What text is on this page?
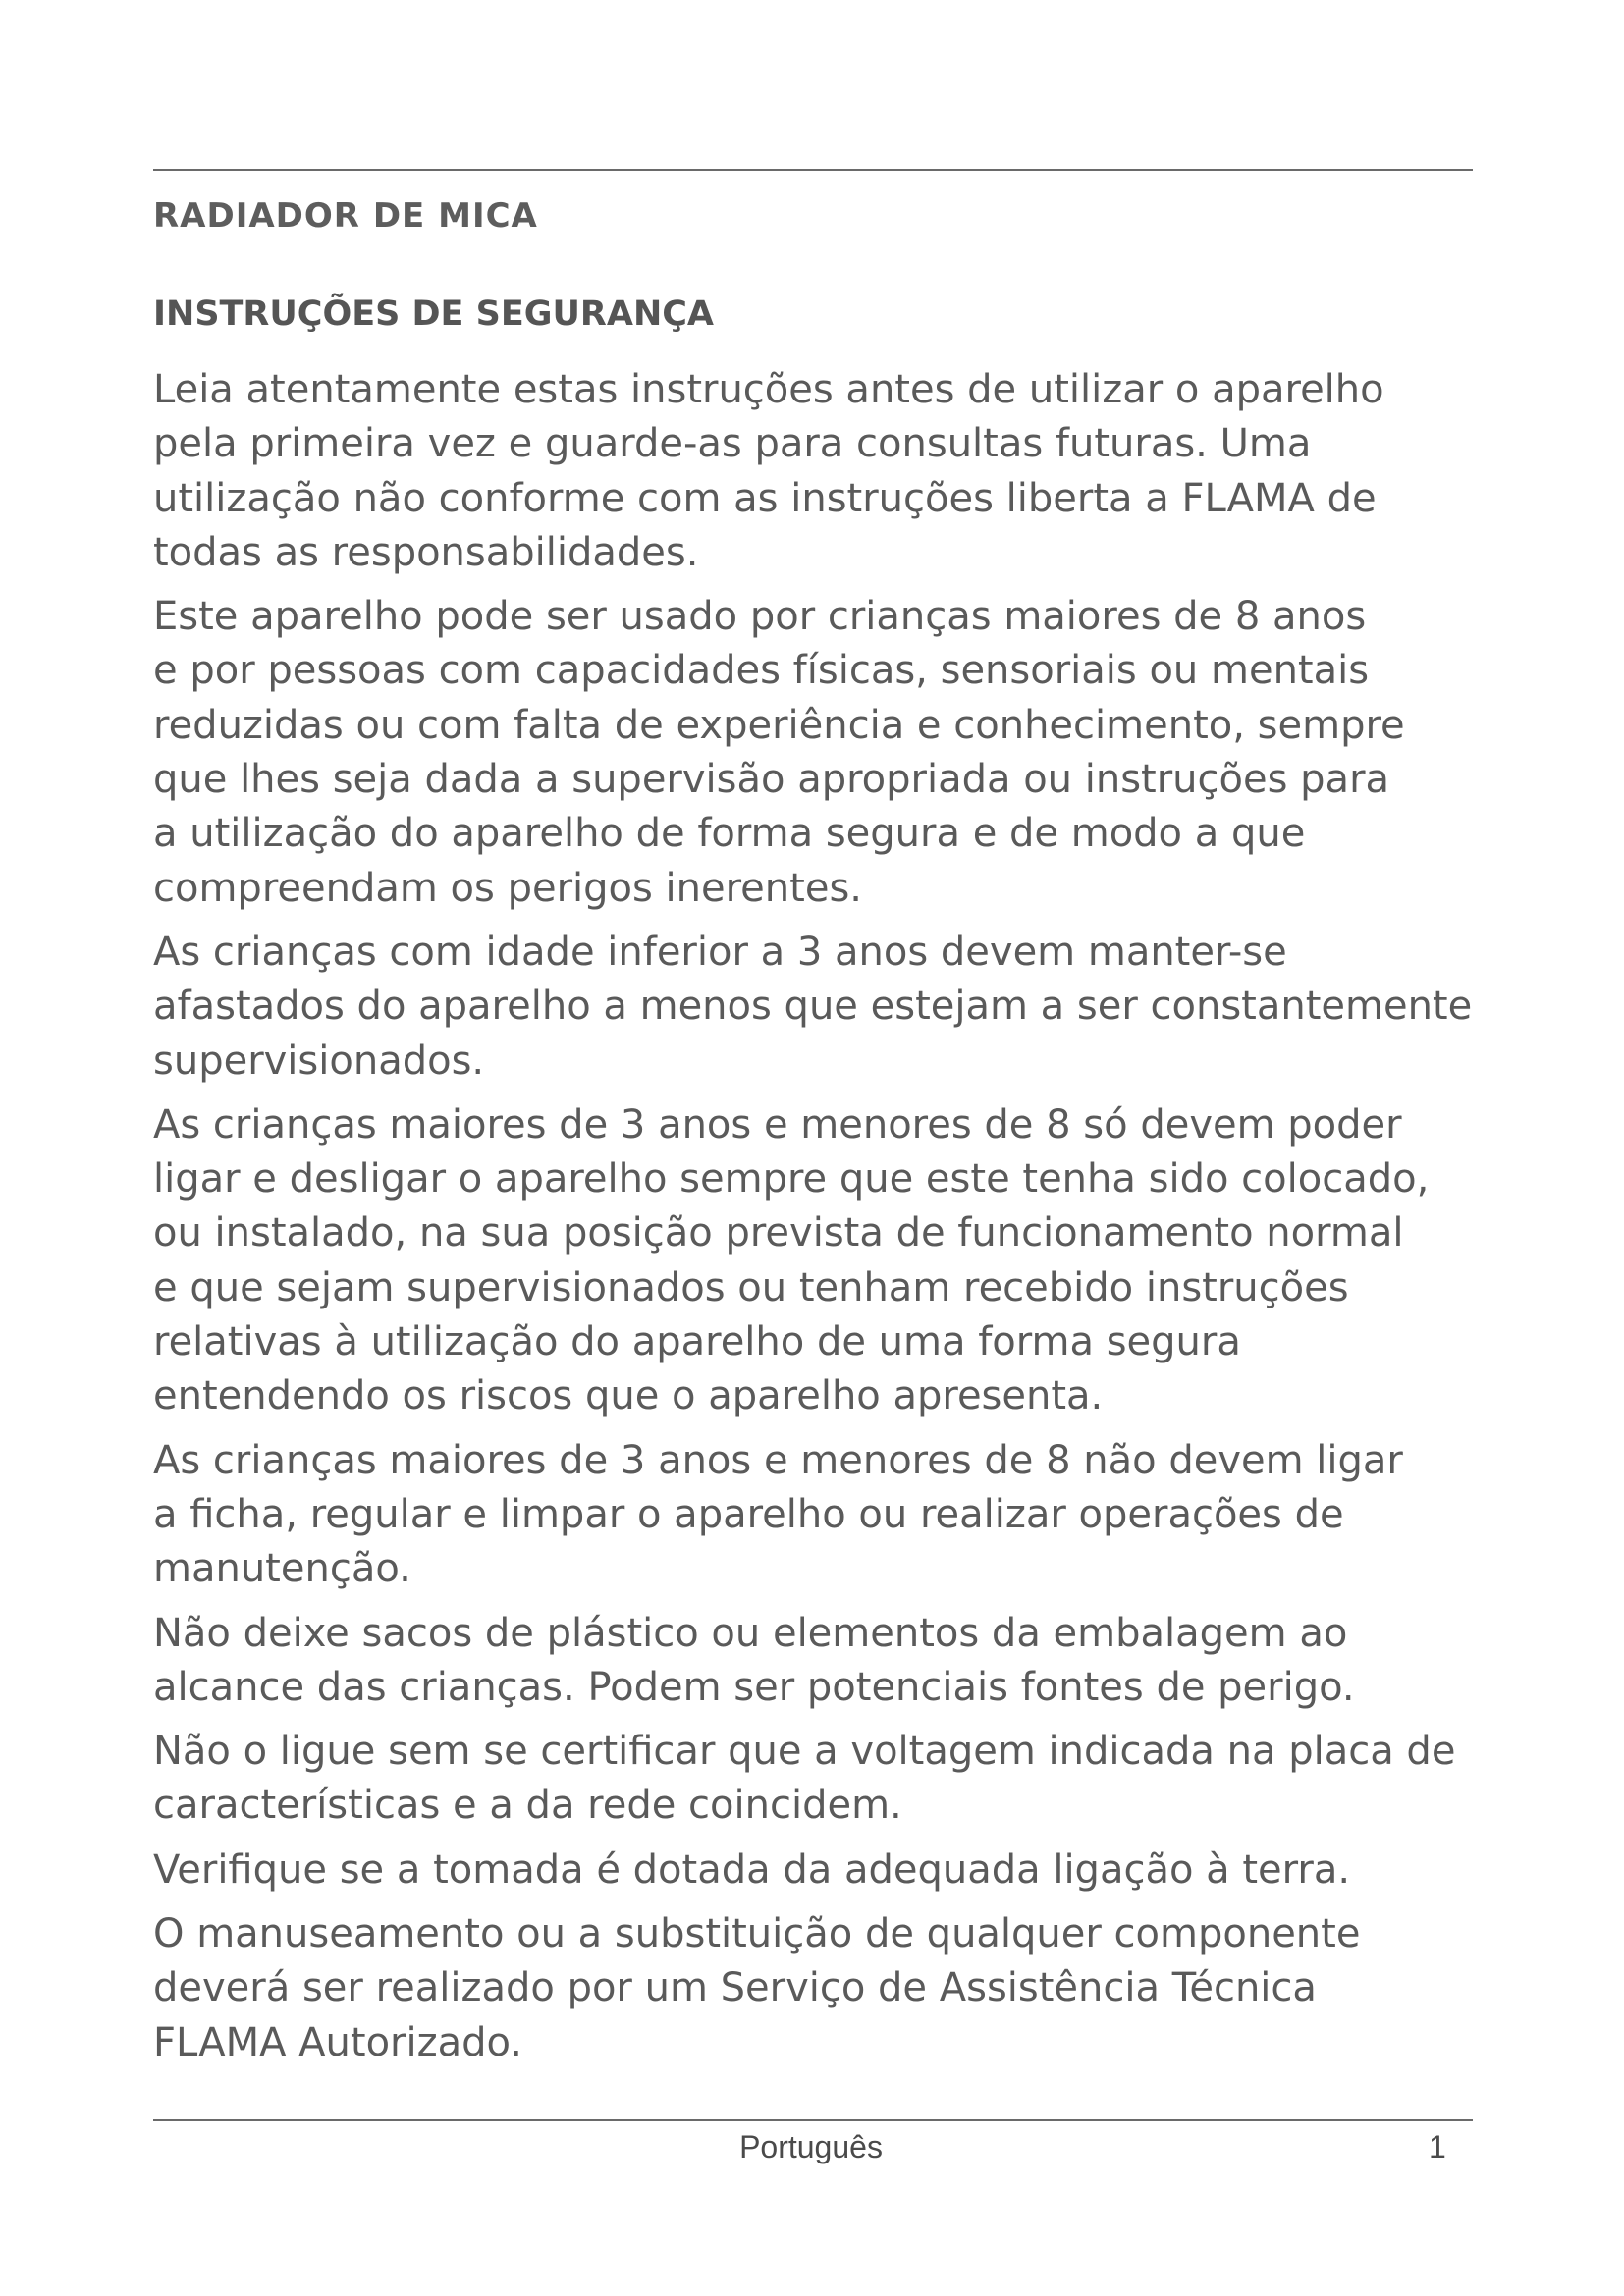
RADIADOR DE MICA
INSTRUÇÕES DE SEGURANÇA

Leia atentamente estas instruções antes de utilizar o aparelho
pela primeira vez e guarde-as para consultas futuras. Uma
utilização não conforme com as instruções liberta a FLAMA de
todas as responsabilidades.

Este aparelho pode ser usado por crianças maiores de 8 anos
e por pessoas com capacidades físicas, sensoriais ou mentais
reduzidas ou com falta de experiência e conhecimento, sempre
que lhes seja dada a supervisão apropriada ou instruções para
a utilização do aparelho de forma segura e de modo a que
compreendam os perigos inerentes.

As crianças com idade inferior a 3 anos devem manter-se
afastados do aparelho a menos que estejam a ser constantemente
supervisionados.

As crianças maiores de 3 anos e menores de 8 só devem poder
ligar e desligar o aparelho sempre que este tenha sido colocado,
ou instalado, na sua posição prevista de funcionamento normal
e que sejam supervisionados ou tenham recebido instruções
relativas à utilização do aparelho de uma forma segura
entendendo os riscos que o aparelho apresenta.

As crianças maiores de 3 anos e menores de 8 não devem ligar
a ficha, regular e limpar o aparelho ou realizar operações de
manutenção.

Não deixe sacos de plástico ou elementos da embalagem ao
alcance das crianças. Podem ser potenciais fontes de perigo.

Não o ligue sem se certificar que a voltagem indicada na placa de
características e a da rede coincidem.

Verifique se a tomada é dotada da adequada ligação à terra.

O manuseamento ou a substituição de qualquer componente
deverá ser realizado por um Serviço de Assistência Técnica
FLAMA Autorizado.

Português	1
